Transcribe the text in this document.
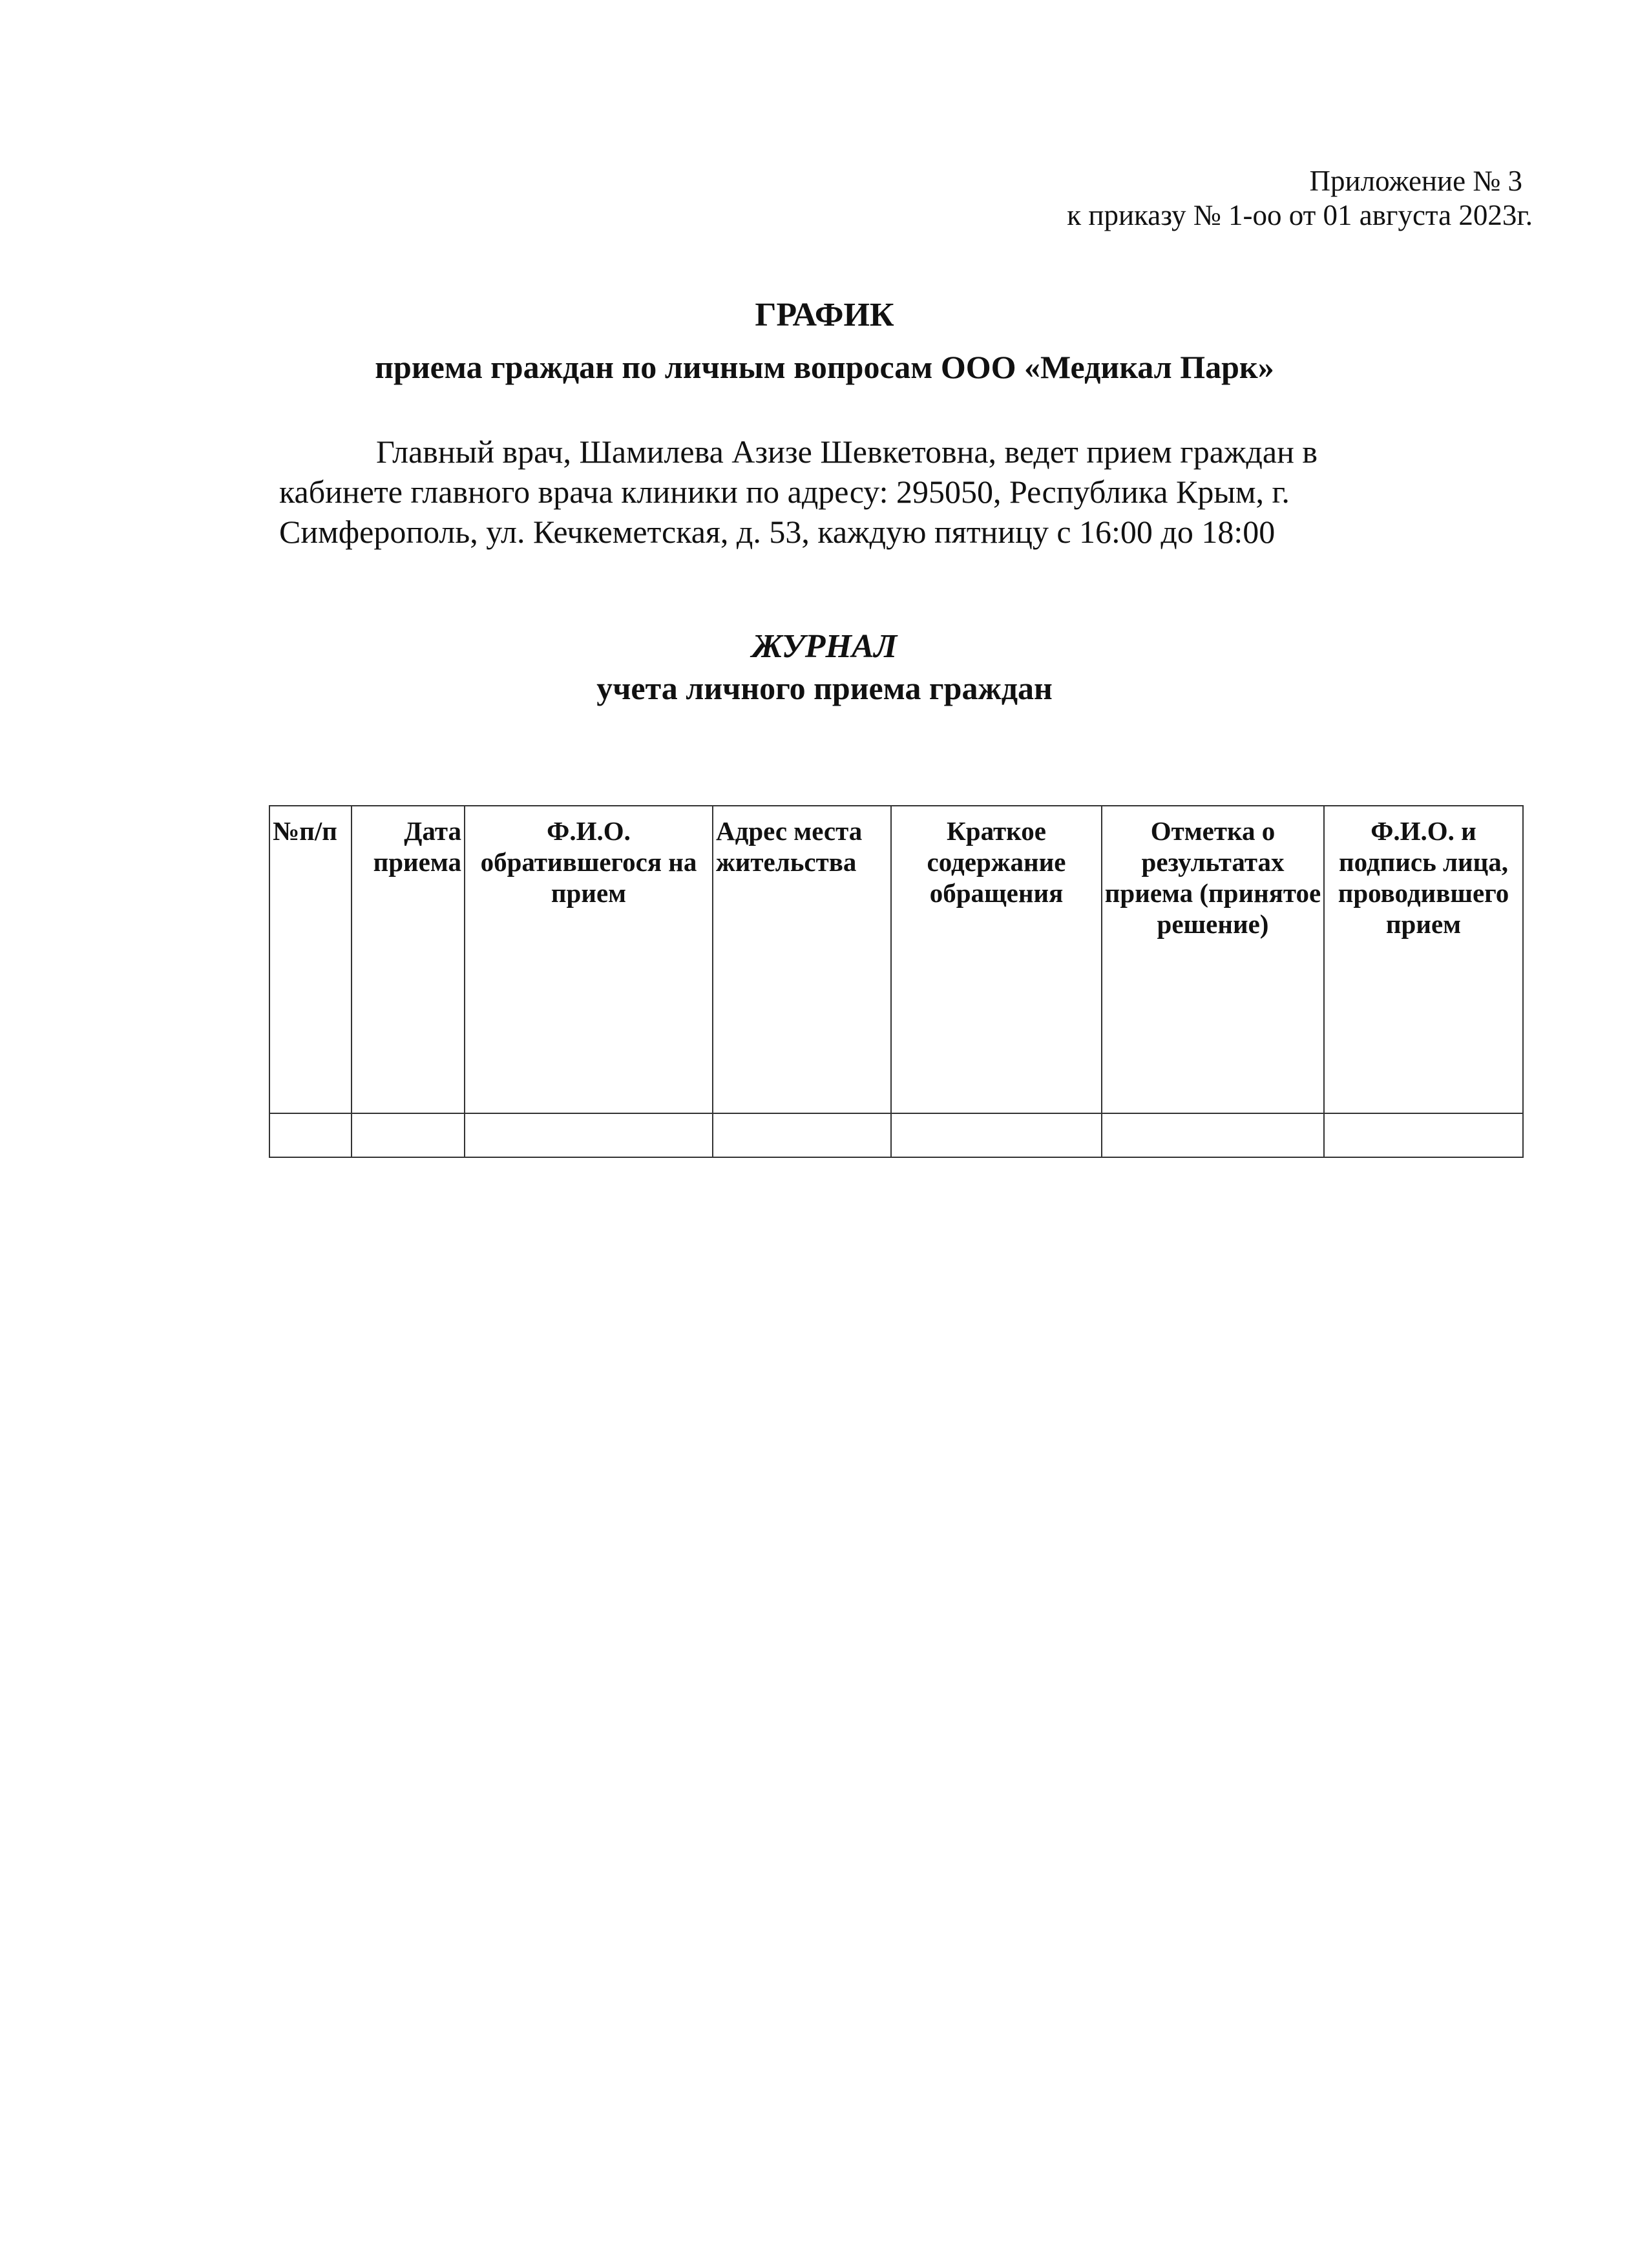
Приложение № 3
к приказу № 1-оо от 01 августа 2023г.
ГРАФИК
приема граждан по личным вопросам ООО «Медикал Парк»
Главный врач, Шамилева Азизе Шевкетовна, ведет прием граждан в
кабинете главного врача клиники по адресу: 295050, Республика Крым, г.
Симферополь, ул. Кечкеметская, д. 53, каждую пятницу с 16:00 до 18:00
ЖУРНАЛ
учета личного приема граждан
№п/п	Дата приема	Ф.И.О. обратившегося на прием	Адрес места жительства	Краткое содержание обращения	Отметка о результатах приема (принятое решение)	Ф.И.О. и подпись лица, проводившего прием
